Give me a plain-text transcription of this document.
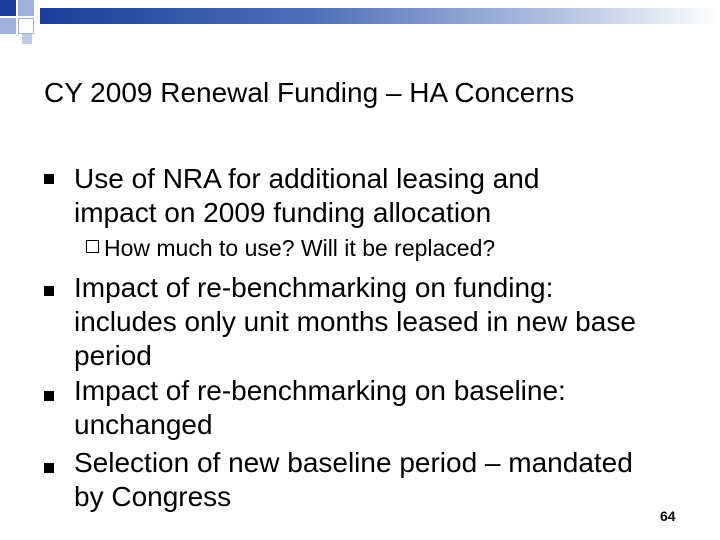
CY 2009 Renewal Funding – HA Concerns
Use of NRA for additional leasing and
impact on 2009 funding allocation
How much to use? Will it be replaced?
Impact of re-benchmarking on funding:
includes only unit months leased in new base
period
Impact of re-benchmarking on baseline:
unchanged
Selection of new baseline period – mandated
by Congress
64
